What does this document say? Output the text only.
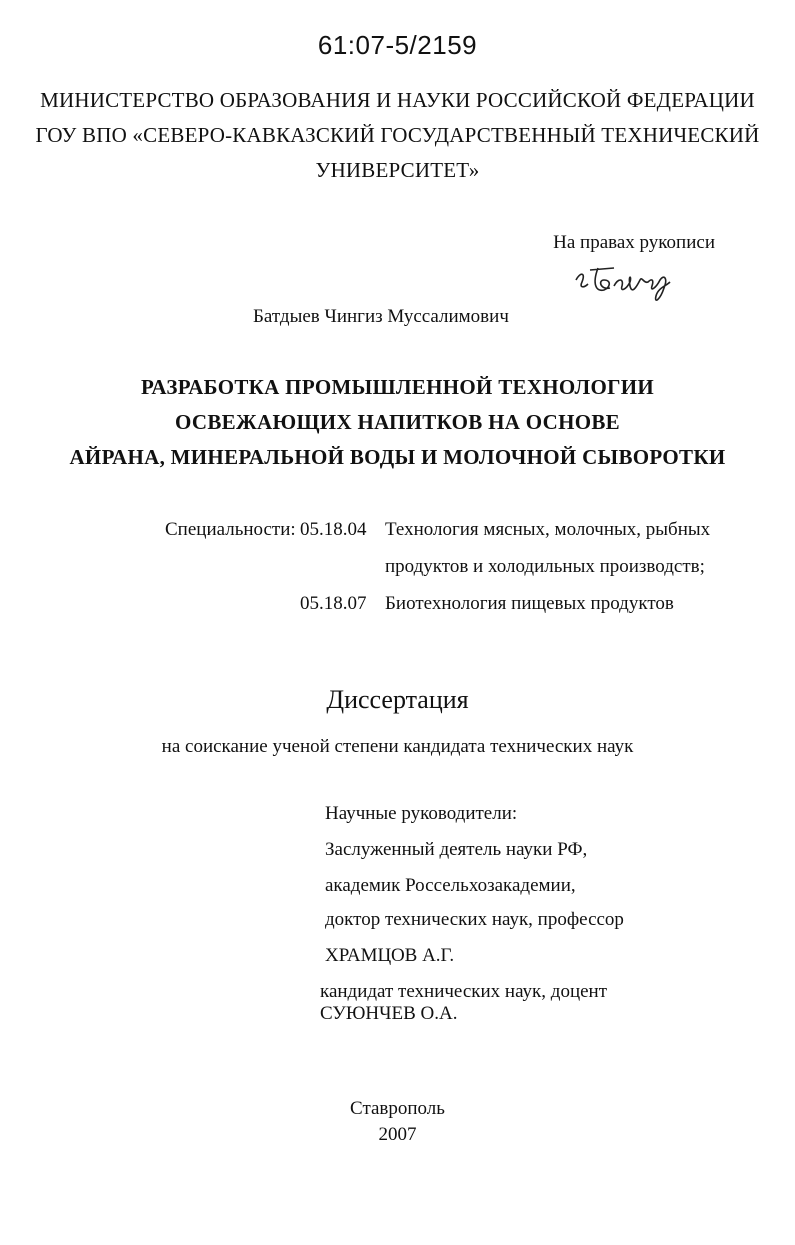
61:07-5/2159
МИНИСТЕРСТВО ОБРАЗОВАНИЯ И НАУКИ РОССИЙСКОЙ ФЕДЕРАЦИИ
ГОУ ВПО «СЕВЕРО-КАВКАЗСКИЙ ГОСУДАРСТВЕННЫЙ ТЕХНИЧЕСКИЙ
УНИВЕРСИТЕТ»
На правах рукописи
Батдыев Чингиз Муссалимович
РАЗРАБОТКА ПРОМЫШЛЕННОЙ ТЕХНОЛОГИИ
ОСВЕЖАЮЩИХ НАПИТКОВ НА ОСНОВЕ
АЙРАНА, МИНЕРАЛЬНОЙ ВОДЫ И МОЛОЧНОЙ СЫВОРОТКИ
Специальности: 05.18.04 Технология мясных, молочных, рыбных
продуктов и холодильных производств;
05.18.07 Биотехнология пищевых продуктов
Диссертация
на соискание ученой степени кандидата технических наук
Научные руководители:
Заслуженный деятель науки РФ,
академик Россельхозакадемии,
доктор технических наук, профессор
ХРАМЦОВ А.Г.
кандидат технических наук, доцент
СУЮНЧЕВ О.А.
Ставрополь
2007
